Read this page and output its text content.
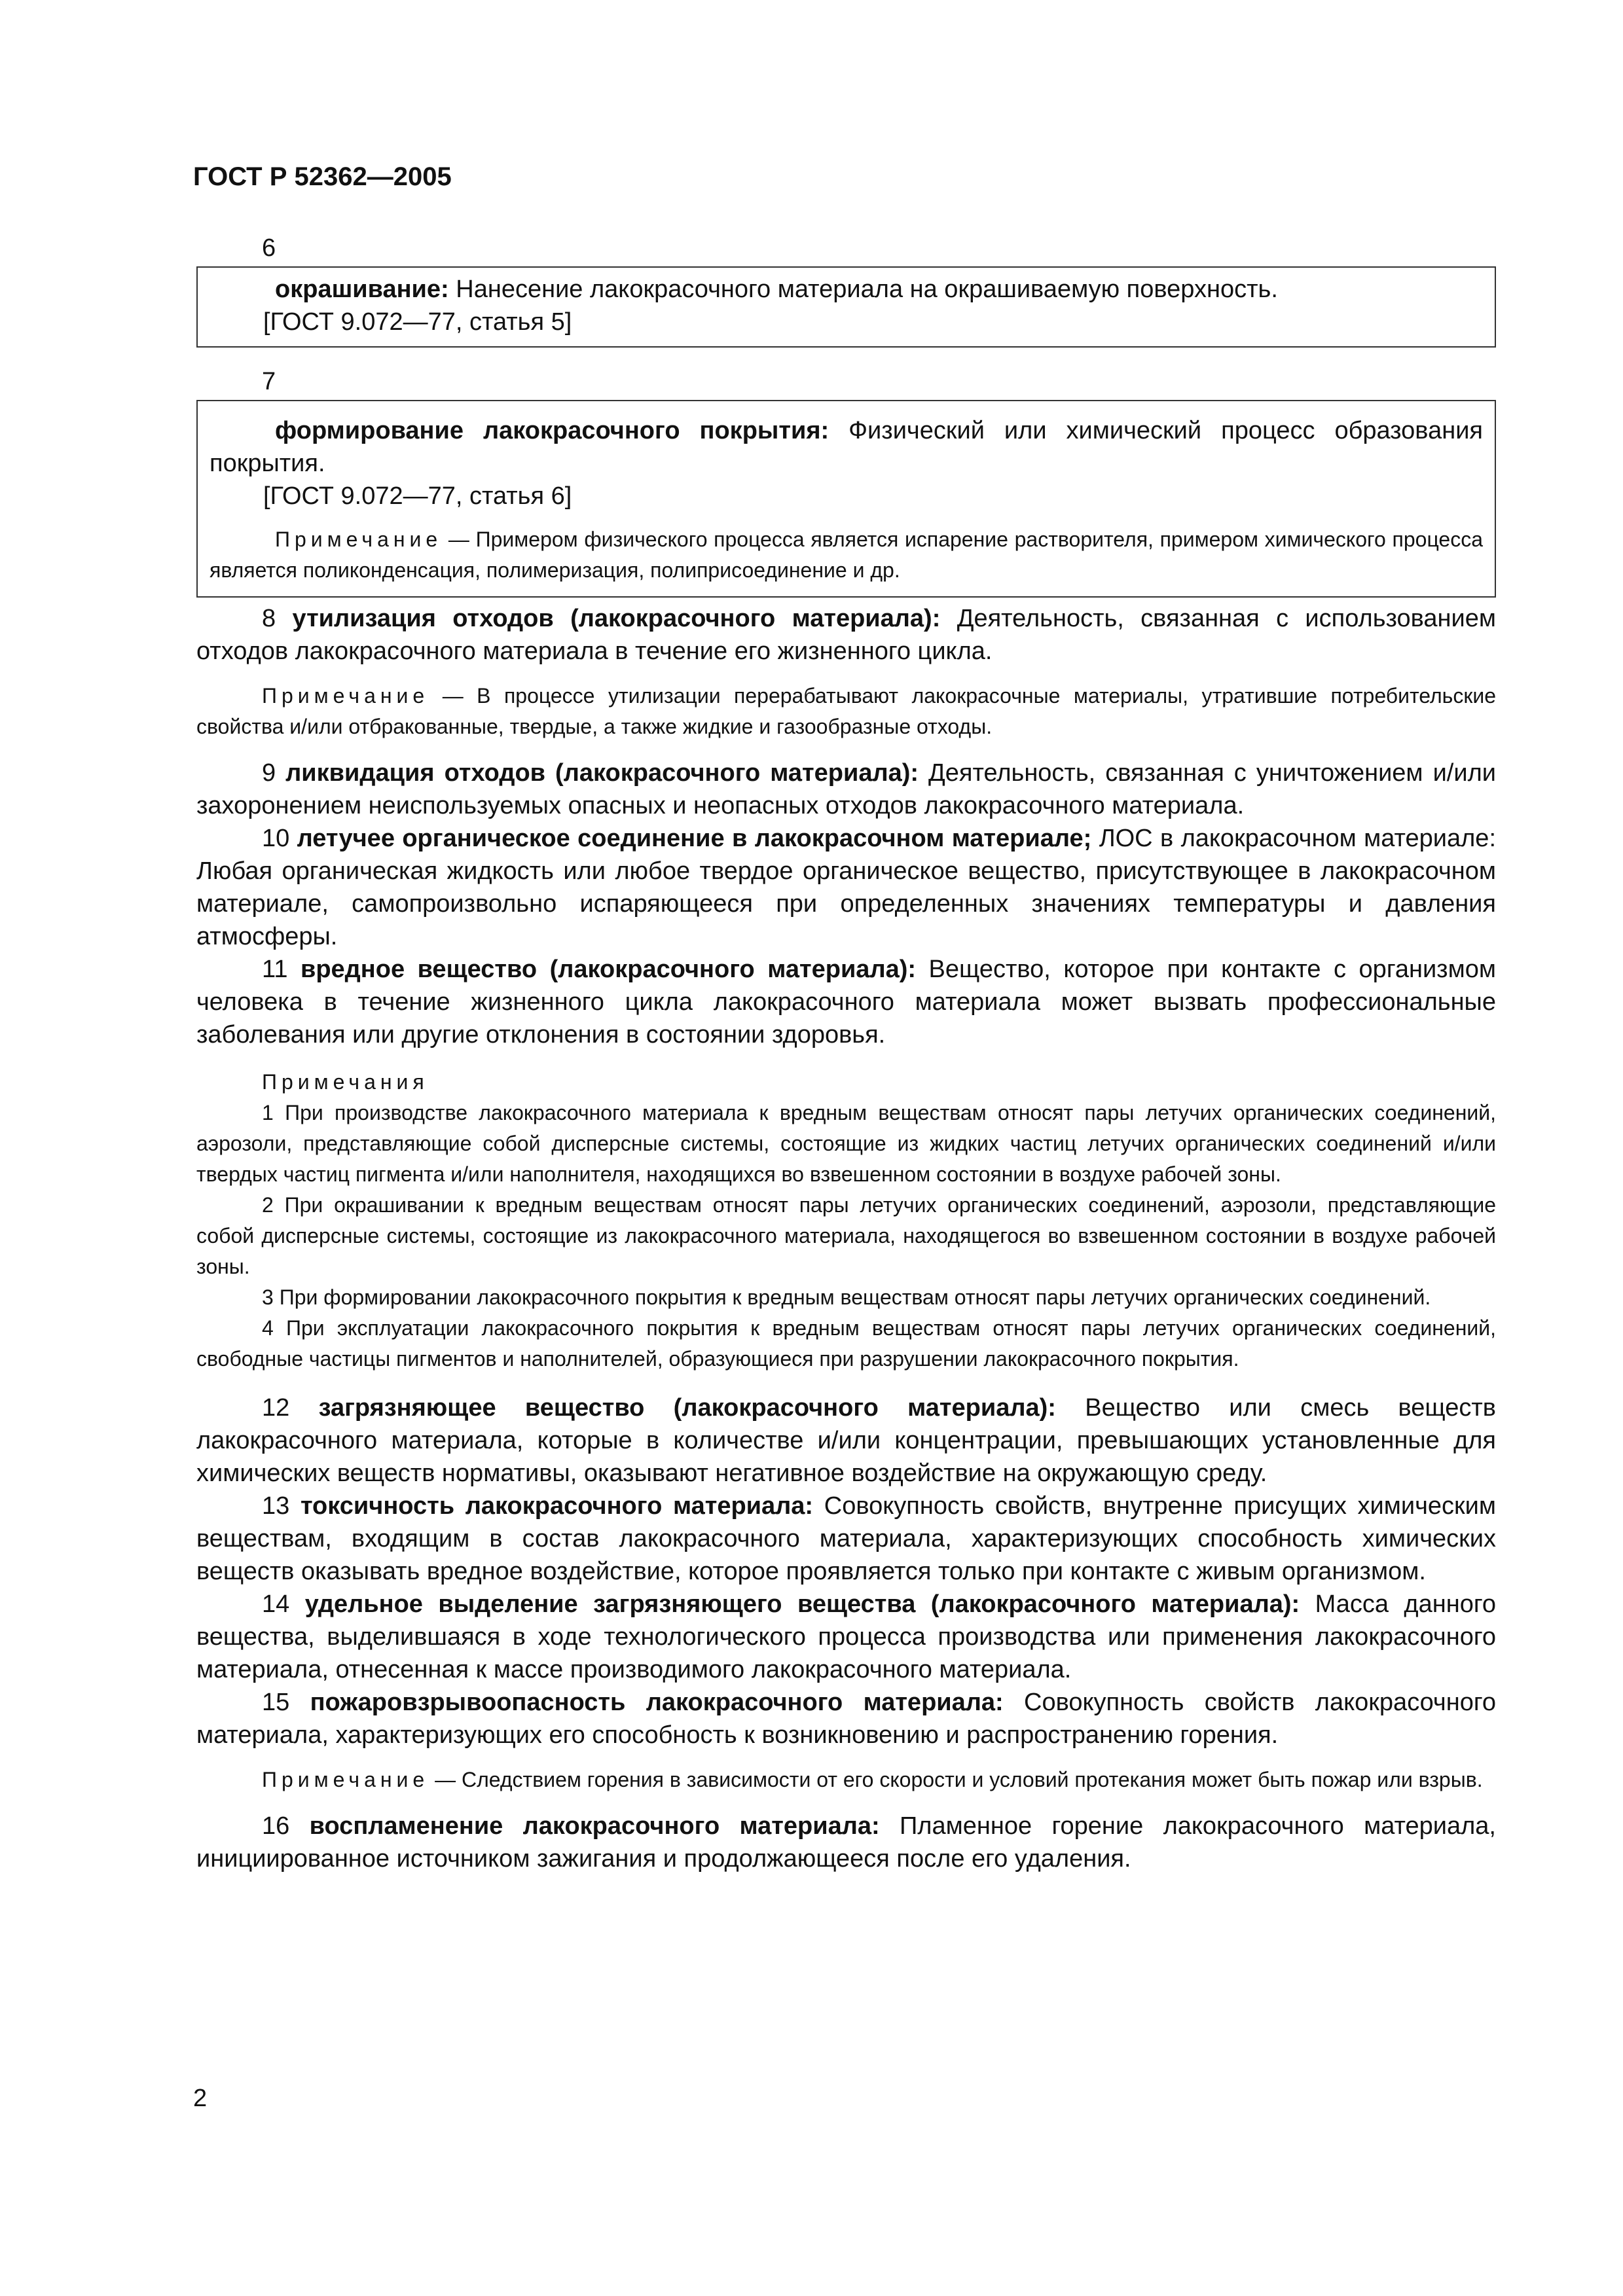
ГОСТ Р 52362—2005

6

окрашивание: Нанесение лакокрасочного материала на окрашиваемую поверхность.

[ГОСТ 9.072—77, статья 5]

7

формирование лакокрасочного покрытия: Физический или химический процесс образования покрытия.

[ГОСТ 9.072—77, статья 6]

Примечание — Примером физического процесса является испарение растворителя, примером химического процесса является поликонденсация, полимеризация, полиприсоединение и др.

8 утилизация отходов (лакокрасочного материала): Деятельность, связанная с использованием отходов лакокрасочного материала в течение его жизненного цикла.

Примечание — В процессе утилизации перерабатывают лакокрасочные материалы, утратившие потребительские свойства и/или отбракованные, твердые, а также жидкие и газообразные отходы.

9 ликвидация отходов (лакокрасочного материала): Деятельность, связанная с уничтожением и/или захоронением неиспользуемых опасных и неопасных отходов лакокрасочного материала.

10 летучее органическое соединение в лакокрасочном материале; ЛОС в лакокрасочном материале: Любая органическая жидкость или любое твердое органическое вещество, присутствующее в лакокрасочном материале, самопроизвольно испаряющееся при определенных значениях температуры и давления атмосферы.

11 вредное вещество (лакокрасочного материала): Вещество, которое при контакте с организмом человека в течение жизненного цикла лакокрасочного материала может вызвать профессиональные заболевания или другие отклонения в состоянии здоровья.

Примечания

1 При производстве лакокрасочного материала к вредным веществам относят пары летучих органических соединений, аэрозоли, представляющие собой дисперсные системы, состоящие из жидких частиц летучих органических соединений и/или твердых частиц пигмента и/или наполнителя, находящихся во взвешенном состоянии в воздухе рабочей зоны.

2 При окрашивании к вредным веществам относят пары летучих органических соединений, аэрозоли, представляющие собой дисперсные системы, состоящие из лакокрасочного материала, находящегося во взвешенном состоянии в воздухе рабочей зоны.

3 При формировании лакокрасочного покрытия к вредным веществам относят пары летучих органических соединений.

4 При эксплуатации лакокрасочного покрытия к вредным веществам относят пары летучих органических соединений, свободные частицы пигментов и наполнителей, образующиеся при разрушении лакокрасочного покрытия.

12 загрязняющее вещество (лакокрасочного материала): Вещество или смесь веществ лакокрасочного материала, которые в количестве и/или концентрации, превышающих установленные для химических веществ нормативы, оказывают негативное воздействие на окружающую среду.

13 токсичность лакокрасочного материала: Совокупность свойств, внутренне присущих химическим веществам, входящим в состав лакокрасочного материала, характеризующих способность химических веществ оказывать вредное воздействие, которое проявляется только при контакте с живым организмом.

14 удельное выделение загрязняющего вещества (лакокрасочного материала): Масса данного вещества, выделившаяся в ходе технологического процесса производства или применения лакокрасочного материала, отнесенная к массе производимого лакокрасочного материала.

15 пожаровзрывоопасность лакокрасочного материала: Совокупность свойств лакокрасочного материала, характеризующих его способность к возникновению и распространению горения.

Примечание — Следствием горения в зависимости от его скорости и условий протекания может быть пожар или взрыв.

16 воспламенение лакокрасочного материала: Пламенное горение лакокрасочного материала, инициированное источником зажигания и продолжающееся после его удаления.

2
